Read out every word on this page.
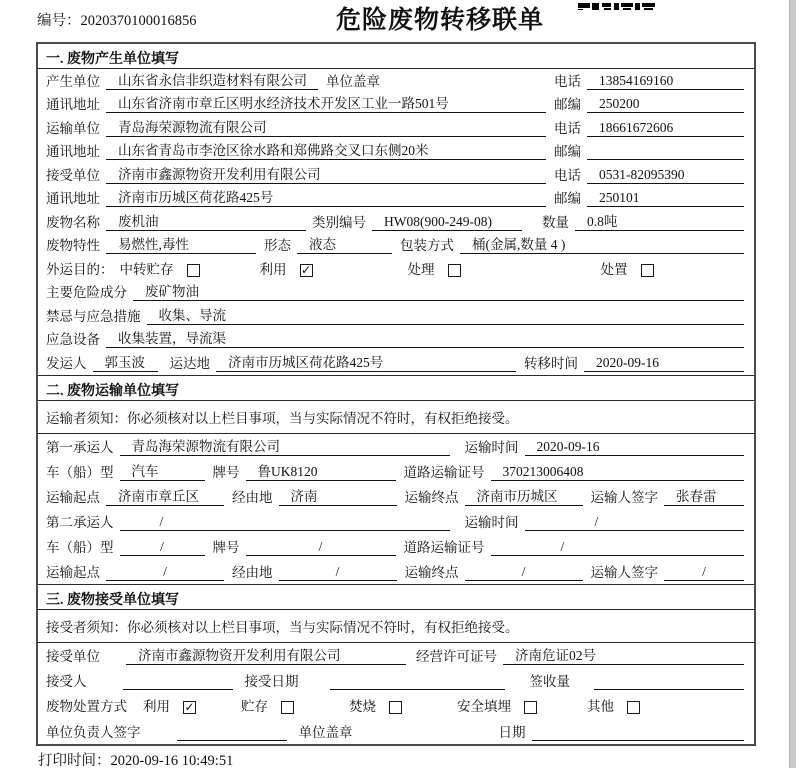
编号：2020370100016856	危险废物转移联单
一. 废物产生单位填写
产生单位	山东省永信非织造材料有限公司	单位盖章	电话	13854169160
通讯地址	山东省济南市章丘区明水经济技术开发区工业一路501号	邮编	250200
运输单位	青岛海荣源物流有限公司	电话	18661672606
通讯地址	山东省青岛市李沧区徐水路和郑佛路交叉口东侧20米	邮编
接受单位	济南市鑫源物资开发利用有限公司	电话	0531-82095390
通讯地址	济南市历城区荷花路425号	邮编	250101
废物名称	废机油	类别编号	HW08(900-249-08)	数量	0.8吨
废物特性	易燃性,毒性	形态	液态	包装方式	桶(金属,数量 4 )
外运目的： 中转贮存	利用	✓	处理	处置
主要危险成分	废矿物油
禁忌与应急措施	收集、导流
应急设备	收集装置，导流渠
发运人	郭玉波	运达地	济南市历城区荷花路425号	转移时间	2020-09-16
二. 废物运输单位填写
运输者须知：你必须核对以上栏目事项，当与实际情况不符时，有权拒绝接受。
第一承运人	青岛海荣源物流有限公司	运输时间	2020-09-16
车（船）型	汽车	牌号	鲁UK8120	道路运输证号	370213006408
运输起点	济南市章丘区	经由地	济南	运输终点	济南市历城区	运输人签字	张春雷
第二承运人	/	运输时间	/
车（船）型	/	牌号	/	道路运输证号	/
运输起点	/	经由地	/	运输终点	/	运输人签字	/
三. 废物接受单位填写
接受者须知：你必须核对以上栏目事项，当与实际情况不符时，有权拒绝接受。
接受单位	济南市鑫源物资开发利用有限公司	经营许可证号	济南危证02号
接受人	接受日期	签收量
废物处置方式	利用	✓	贮存	焚烧	安全填埋	其他
单位负责人签字	单位盖章	日期
打印时间：2020-09-16 10:49:51
